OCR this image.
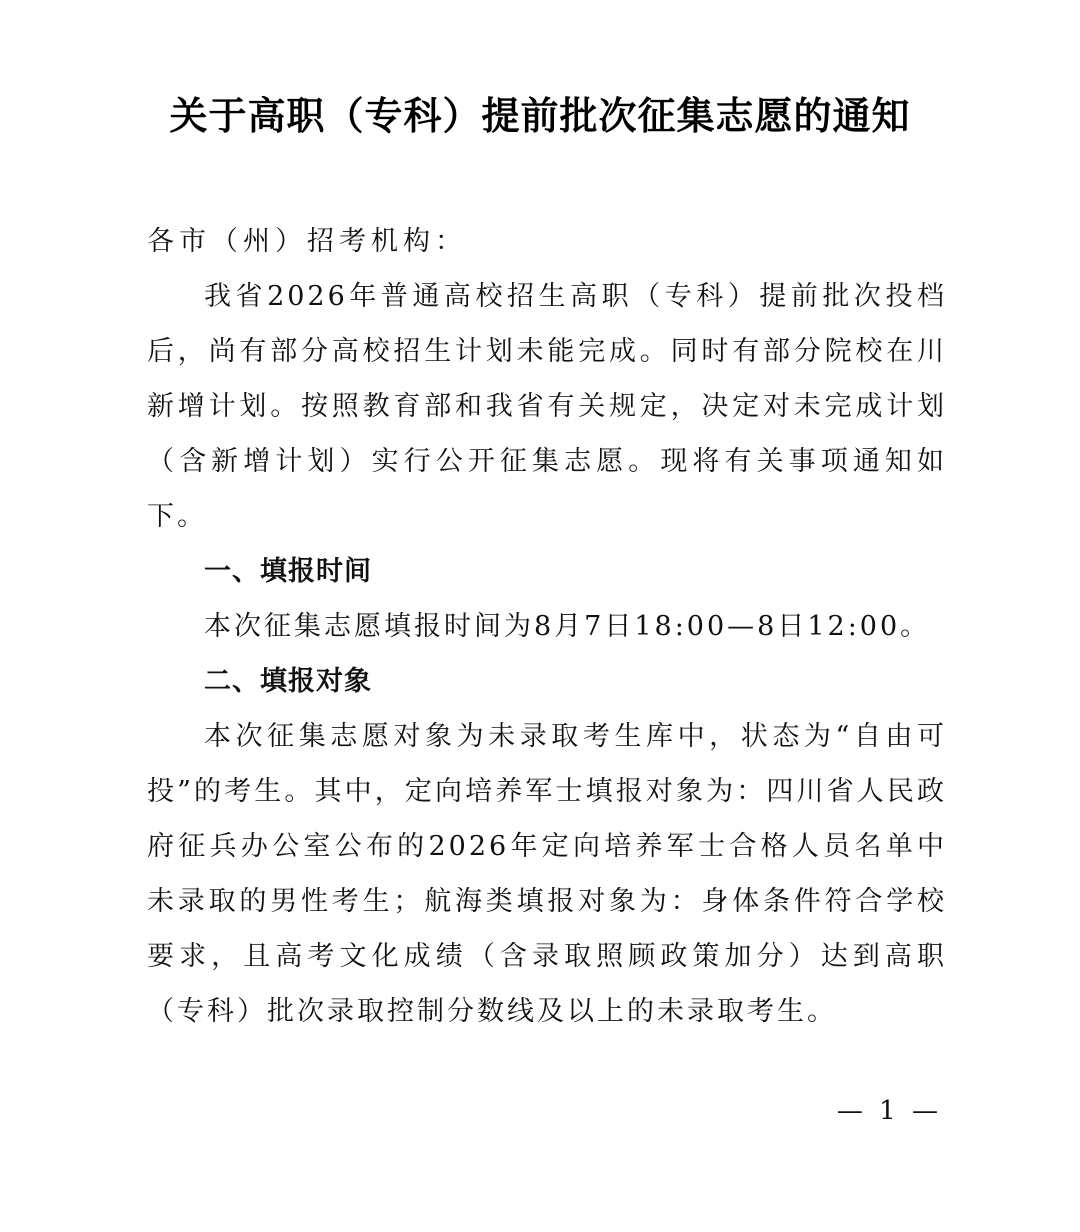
关于高职（专科）提前批次征集志愿的通知

各市（州）招考机构：

我省2026年普通高校招生高职（专科）提前批次投档后，尚有部分高校招生计划未能完成。同时有部分院校在川新增计划。按照教育部和我省有关规定，决定对未完成计划（含新增计划）实行公开征集志愿。现将有关事项通知如下。

一、填报时间

本次征集志愿填报时间为8月7日18:00—8日12:00。

二、填报对象

本次征集志愿对象为未录取考生库中，状态为“自由可投”的考生。其中，定向培养军士填报对象为：四川省人民政府征兵办公室公布的2026年定向培养军士合格人员名单中未录取的男性考生；航海类填报对象为：身体条件符合学校要求，且高考文化成绩（含录取照顾政策加分）达到高职（专科）批次录取控制分数线及以上的未录取考生。

— 1 —
